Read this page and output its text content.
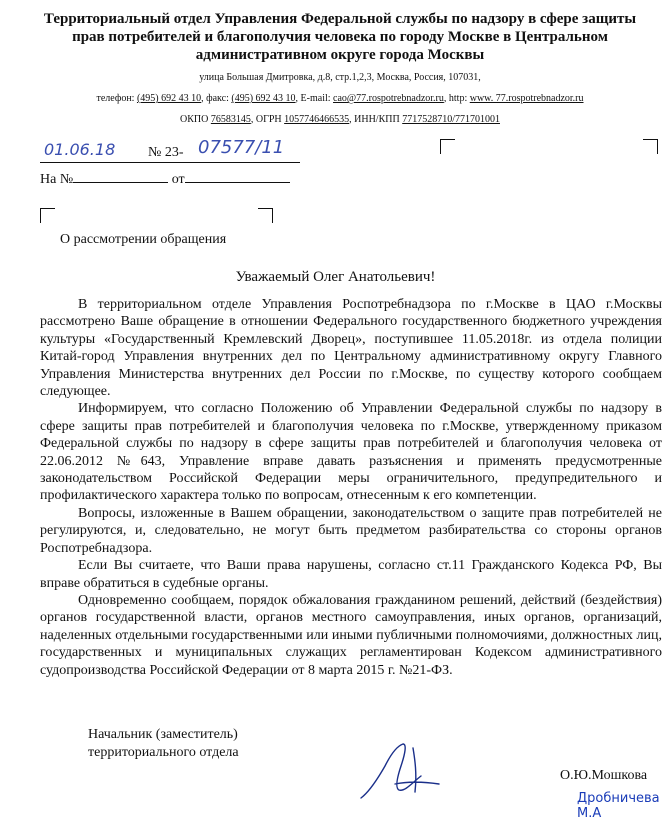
Территориальный отдел Управления Федеральной службы по надзору в сфере защиты прав потребителей и благополучия человека по городу Москве в Центральном административном округе города Москвы
улица Большая Дмитровка, д.8, стр.1,2,3, Москва, Россия, 107031,
телефон: (495) 692 43 10, факс: (495) 692 43 10, E-mail: cao@77.rospotrebnadzor.ru, http: www. 77.rospotrebnadzor.ru
ОКПО 76583145, ОГРН 1057746466535, ИНН/КПП 7717528710/771701001
01.06.18 № 23- 07577/11
На №	от
О рассмотрении обращения
Уважаемый Олег Анатольевич!

В территориальном отделе Управления Роспотребнадзора по г.Москве в ЦАО г.Москвы рассмотрено Ваше обращение в отношении Федерального государственного бюджетного учреждения культуры «Государственный Кремлевский Дворец», поступившее 11.05.2018г. из отдела полиции Китай-город Управления внутренних дел по Центральному административному округу Главного Управления Министерства внутренних дел России по г.Москве, по существу которого сообщаем следующее.

Информируем, что согласно Положению об Управлении Федеральной службы по надзору в сфере защиты прав потребителей и благополучия человека по г.Москве, утвержденному приказом Федеральной службы по надзору в сфере защиты прав потребителей и благополучия человека от 22.06.2012 №643, Управление вправе давать разъяснения и применять предусмотренные законодательством Российской Федерации меры ограничительного, предупредительного и профилактического характера только по вопросам, отнесенным к его компетенции.

Вопросы, изложенные в Вашем обращении, законодательством о защите прав потребителей не регулируются, и, следовательно, не могут быть предметом разбирательства со стороны органов Роспотребнадзора.

Если Вы считаете, что Ваши права нарушены, согласно ст.11 Гражданского Кодекса РФ, Вы вправе обратиться в судебные органы.

Одновременно сообщаем, порядок обжалования гражданином решений, действий (бездействия) органов государственной власти, органов местного самоуправления, иных органов, организаций, наделенных отдельными государственными или иными публичными полномочиями, должностных лиц, государственных и муниципальных служащих регламентирован Кодексом административного судопроизводства Российской Федерации от 8 марта 2015 г. №21-ФЗ.

Начальник (заместитель)
территориального отдела
О.Ю.Мошкова
Дробничева М.А
